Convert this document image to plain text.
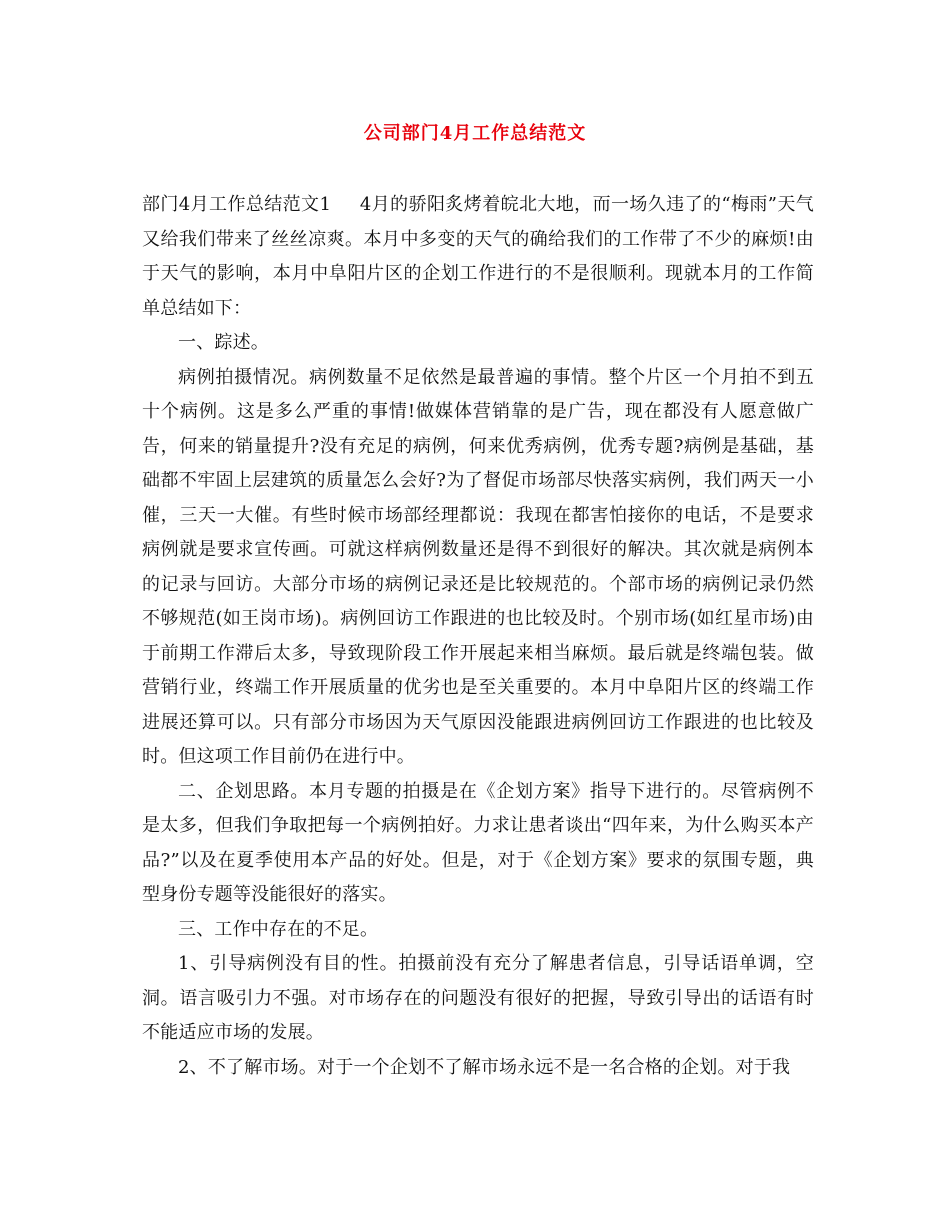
公司部门4月工作总结范文

部门4月工作总结范文1 4月的骄阳炙烤着皖北大地，而一场久违了的“梅雨”天气又给我们带来了丝丝凉爽。本月中多变的天气的确给我们的工作带了不少的麻烦!由于天气的影响，本月中阜阳片区的企划工作进行的不是很顺利。现就本月的工作简单总结如下：

一、踪述。

病例拍摄情况。病例数量不足依然是最普遍的事情。整个片区一个月拍不到五十个病例。这是多么严重的事情!做媒体营销靠的是广告，现在都没有人愿意做广告，何来的销量提升?没有充足的病例，何来优秀病例，优秀专题?病例是基础，基础都不牢固上层建筑的质量怎么会好?为了督促市场部尽快落实病例，我们两天一小催，三天一大催。有些时候市场部经理都说：我现在都害怕接你的电话，不是要求病例就是要求宣传画。可就这样病例数量还是得不到很好的解决。其次就是病例本的记录与回访。大部分市场的病例记录还是比较规范的。个部市场的病例记录仍然不够规范(如王岗市场)。病例回访工作跟进的也比较及时。个别市场(如红星市场)由于前期工作滞后太多，导致现阶段工作开展起来相当麻烦。最后就是终端包装。做营销行业，终端工作开展质量的优劣也是至关重要的。本月中阜阳片区的终端工作进展还算可以。只有部分市场因为天气原因没能跟进病例回访工作跟进的也比较及时。但这项工作目前仍在进行中。

二、企划思路。本月专题的拍摄是在《企划方案》指导下进行的。尽管病例不是太多，但我们争取把每一个病例拍好。力求让患者谈出“四年来，为什么购买本产品?”以及在夏季使用本产品的好处。但是，对于《企划方案》要求的氛围专题，典型身份专题等没能很好的落实。

三、工作中存在的不足。

1、引导病例没有目的性。拍摄前没有充分了解患者信息，引导话语单调，空洞。语言吸引力不强。对市场存在的问题没有很好的把握，导致引导出的话语有时不能适应市场的发展。

2、不了解市场。对于一个企划不了解市场永远不是一名合格的企划。对于我
